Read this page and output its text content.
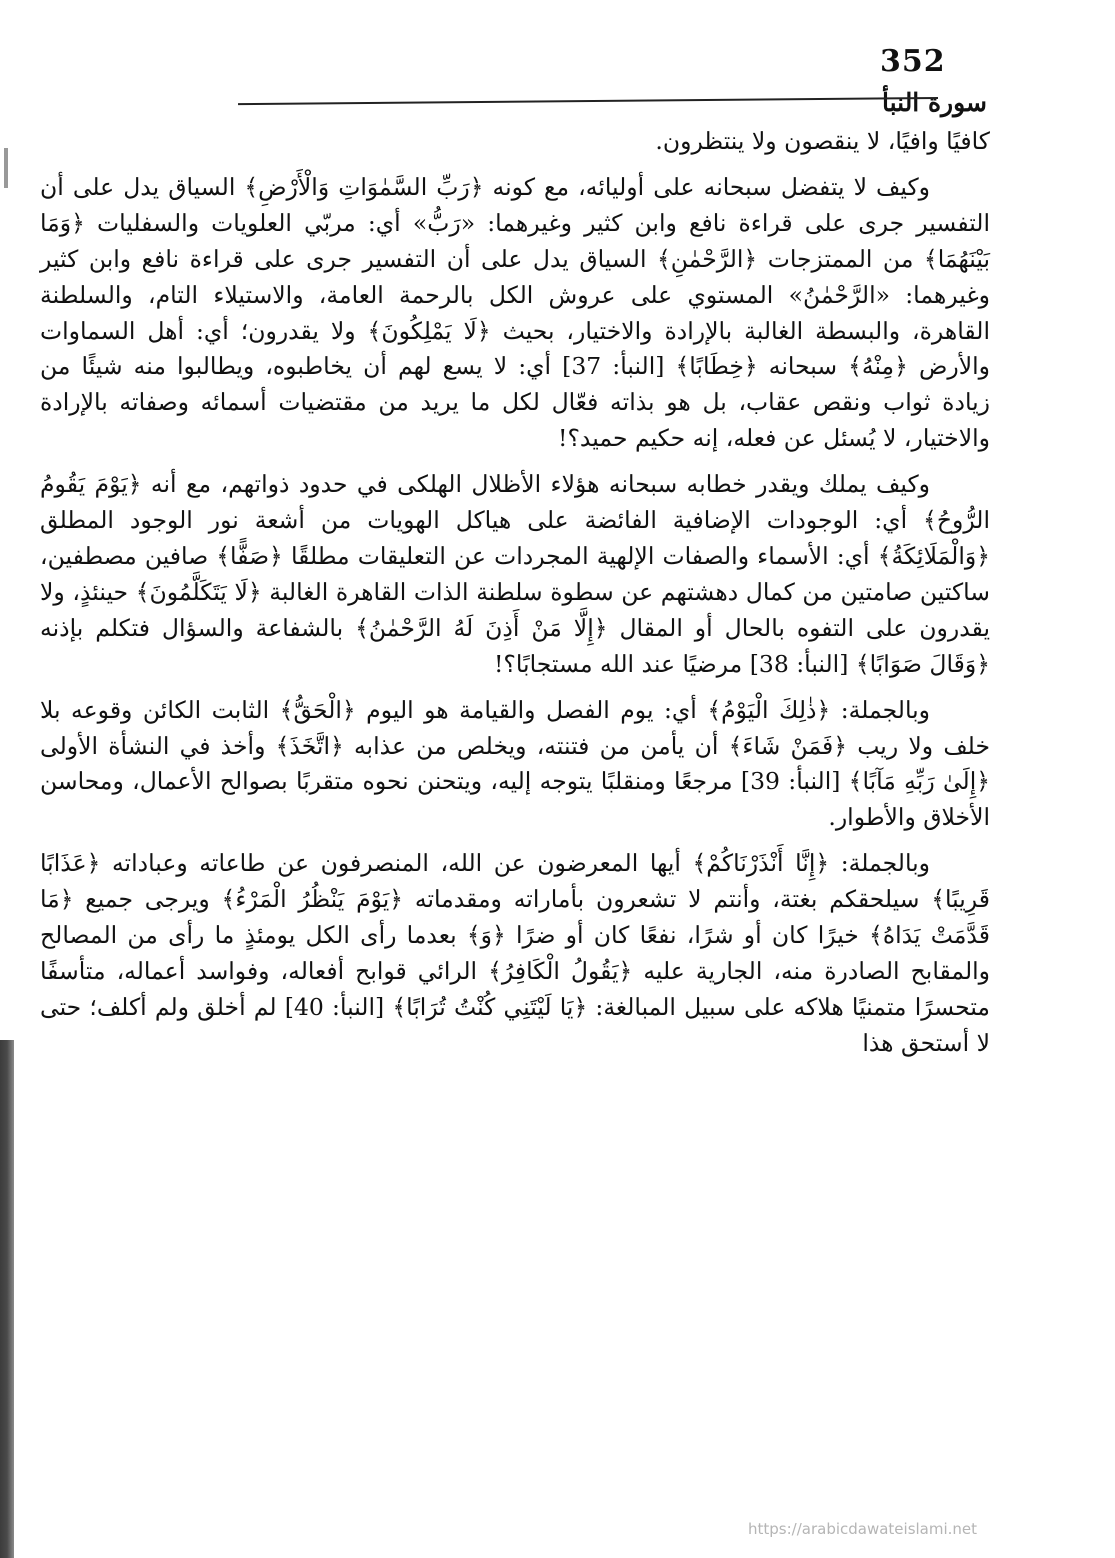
352
سورة النبأ

كافيًا وافيًا، لا ينقصون ولا ينتظرون.

وكيف لا يتفضل سبحانه على أوليائه، مع كونه ﴿رَبِّ السَّمٰوَاتِ وَالْأَرْضِ﴾ السياق يدل على أن التفسير جرى على قراءة نافع وابن كثير وغيرهما: «رَبُّ» أي: مربّي العلويات والسفليات ﴿وَمَا بَيْنَهُمَا﴾ من الممتزجات ﴿الرَّحْمٰنِ﴾ السياق يدل على أن التفسير جرى على قراءة نافع وابن كثير وغيرهما: «الرَّحْمٰنُ» المستوي على عروش الكل بالرحمة العامة، والاستيلاء التام، والسلطنة القاهرة، والبسطة الغالبة بالإرادة والاختيار، بحيث ﴿لَا يَمْلِكُونَ﴾ ولا يقدرون؛ أي: أهل السماوات والأرض ﴿مِنْهُ﴾ سبحانه ﴿خِطَابًا﴾ [النبأ: 37] أي: لا يسع لهم أن يخاطبوه، ويطالبوا منه شيئًا من زيادة ثواب ونقص عقاب، بل هو بذاته فعّال لكل ما يريد من مقتضيات أسمائه وصفاته بالإرادة والاختيار، لا يُسئل عن فعله، إنه حكيم حميد؟!

وكيف يملك ويقدر خطابه سبحانه هؤلاء الأظلال الهلكى في حدود ذواتهم، مع أنه ﴿يَوْمَ يَقُومُ الرُّوحُ﴾ أي: الوجودات الإضافية الفائضة على هياكل الهويات من أشعة نور الوجود المطلق ﴿وَالْمَلَائِكَةُ﴾ أي: الأسماء والصفات الإلهية المجردات عن التعليقات مطلقًا ﴿صَفًّا﴾ صافين مصطفين، ساكتين صامتين من كمال دهشتهم عن سطوة سلطنة الذات القاهرة الغالبة ﴿لَا يَتَكَلَّمُونَ﴾ حينئذٍ، ولا يقدرون على التفوه بالحال أو المقال ﴿إِلَّا مَنْ أَذِنَ لَهُ الرَّحْمٰنُ﴾ بالشفاعة والسؤال فتكلم بإذنه ﴿وَقَالَ صَوَابًا﴾ [النبأ: 38] مرضيًا عند الله مستجابًا؟!

وبالجملة: ﴿ذٰلِكَ الْيَوْمُ﴾ أي: يوم الفصل والقيامة هو اليوم ﴿الْحَقُّ﴾ الثابت الكائن وقوعه بلا خلف ولا ريب ﴿فَمَنْ شَاءَ﴾ أن يأمن من فتنته، ويخلص من عذابه ﴿اتَّخَذَ﴾ وأخذ في النشأة الأولى ﴿إِلَىٰ رَبِّهِ مَآبًا﴾ [النبأ: 39] مرجعًا ومنقلبًا يتوجه إليه، ويتحنن نحوه متقربًا بصوالح الأعمال، ومحاسن الأخلاق والأطوار.

وبالجملة: ﴿إِنَّا أَنْذَرْنَاكُمْ﴾ أيها المعرضون عن الله، المنصرفون عن طاعاته وعباداته ﴿عَذَابًا قَرِيبًا﴾ سيلحقكم بغتة، وأنتم لا تشعرون بأماراته ومقدماته ﴿يَوْمَ يَنْظُرُ الْمَرْءُ﴾ ويرجى جميع ﴿مَا قَدَّمَتْ يَدَاهُ﴾ خيرًا كان أو شرًا، نفعًا كان أو ضرًا ﴿وَ﴾ بعدما رأى الكل يومئذٍ ما رأى من المصالح والمقابح الصادرة منه، الجارية عليه ﴿يَقُولُ الْكَافِرُ﴾ الرائي قوابح أفعاله، وفواسد أعماله، متأسفًا متحسرًا متمنيًا هلاكه على سبيل المبالغة: ﴿يَا لَيْتَنِي كُنْتُ تُرَابًا﴾ [النبأ: 40] لم أخلق ولم أكلف؛ حتى لا أستحق هذا

https://arabicdawateislami.net
